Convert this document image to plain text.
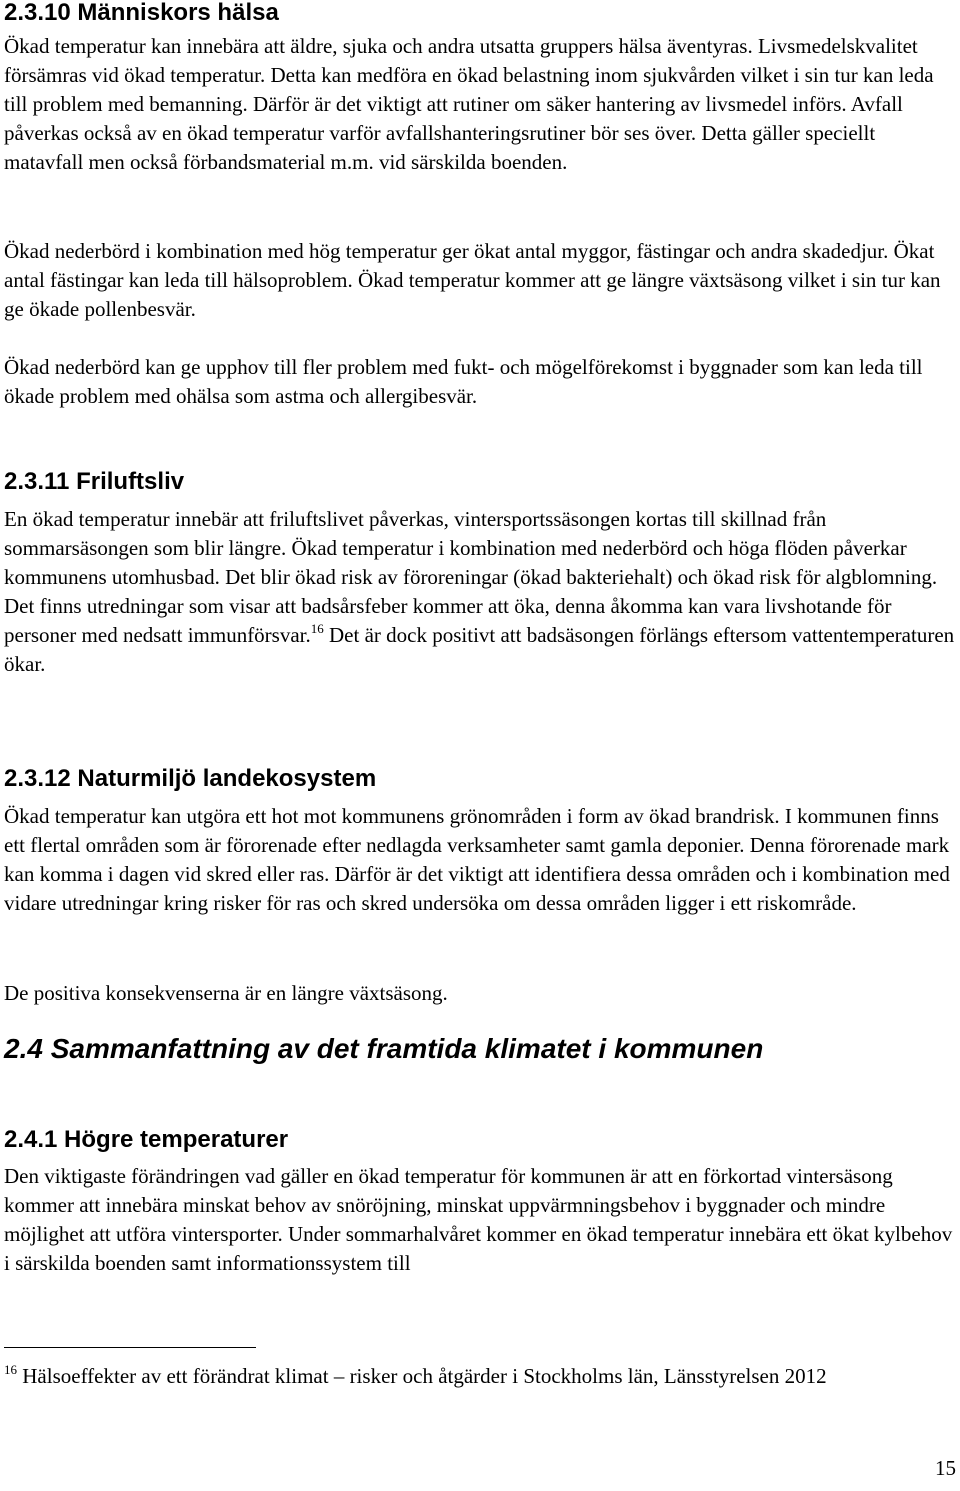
2.3.10 Människors hälsa

Ökad temperatur kan innebära att äldre, sjuka och andra utsatta gruppers hälsa äventyras. Livsmedelskvalitet försämras vid ökad temperatur. Detta kan medföra en ökad belastning inom sjukvården vilket i sin tur kan leda till problem med bemanning. Därför är det viktigt att rutiner om säker hantering av livsmedel införs. Avfall påverkas också av en ökad temperatur varför avfallshanteringsrutiner bör ses över. Detta gäller speciellt matavfall men också förbandsmaterial m.m. vid särskilda boenden.

Ökad nederbörd i kombination med hög temperatur ger ökat antal myggor, fästingar och andra skadedjur. Ökat antal fästingar kan leda till hälsoproblem. Ökad temperatur kommer att ge längre växtsäsong vilket i sin tur kan ge ökade pollenbesvär.

Ökad nederbörd kan ge upphov till fler problem med fukt- och mögelförekomst i byggnader som kan leda till ökade problem med ohälsa som astma och allergibesvär.

2.3.11 Friluftsliv

En ökad temperatur innebär att friluftslivet påverkas, vintersportssäsongen kortas till skillnad från sommarsäsongen som blir längre. Ökad temperatur i kombination med nederbörd och höga flöden påverkar kommunens utomhusbad. Det blir ökad risk av föroreningar (ökad bakteriehalt) och ökad risk för algblomning. Det finns utredningar som visar att badsårsfeber kommer att öka, denna åkomma kan vara livshotande för personer med nedsatt immunförsvar.$^{16}$ Det är dock positivt att badsäsongen förlängs eftersom vattentemperaturen ökar.

2.3.12 Naturmiljö landekosystem

Ökad temperatur kan utgöra ett hot mot kommunens grönområden i form av ökad brandrisk. I kommunen finns ett flertal områden som är förorenade efter nedlagda verksamheter samt gamla deponier. Denna förorenade mark kan komma i dagen vid skred eller ras. Därför är det viktigt att identifiera dessa områden och i kombination med vidare utredningar kring risker för ras och skred undersöka om dessa områden ligger i ett riskområde.

De positiva konsekvenserna är en längre växtsäsong.

2.4 Sammanfattning av det framtida klimatet i kommunen
2.4.1 Högre temperaturer

Den viktigaste förändringen vad gäller en ökad temperatur för kommunen är att en förkortad vintersäsong kommer att innebära minskat behov av snöröjning, minskat uppvärmningsbehov i byggnader och mindre möjlighet att utföra vintersporter. Under sommarhalvåret kommer en ökad temperatur innebära ett ökat kylbehov i särskilda boenden samt informationssystem till

$^{16}$ Hälsoeffekter av ett förändrat klimat – risker och åtgärder i Stockholms län, Länsstyrelsen 2012

15
